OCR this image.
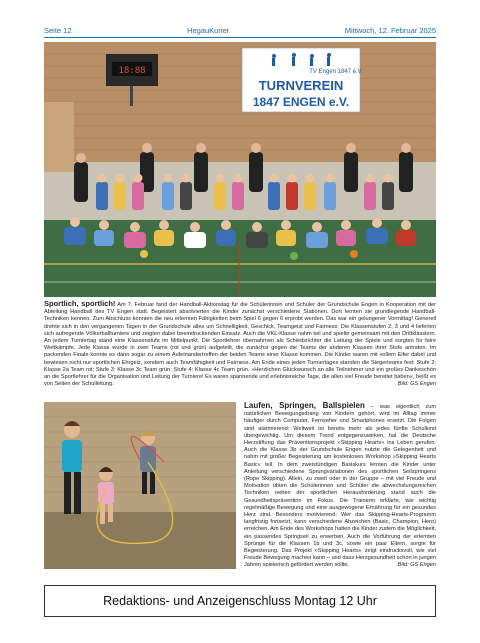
Seite 12	HegauKurier	Mittwoch, 12. Februar 2025
18:88	TV Engen 1847 e.V.
TURNVEREIN
1847 ENGEN e.V.
Sportlich, sportlich! Am 7. Februar fand der Handball-Aktionstag für die Schülerinnen und Schüler der Grundschule Engen in Kooperation mit der Abteilung Handball des TV Engen statt. Begeistert absolvierten die Kinder zunächst verschiedene Stationen. Dort lernten sie grundlegende Handball-Techniken kennen. Zum Abschluss konnten die neu erlernten Fähigkeiten beim Spiel 6 gegen 6 erprobt werden. Das war ein gelungener Vormittag! Generell drehte sich in den vergangenen Tagen in der Grundschule alles um Schnelligkeit, Geschick, Teamgeist und Fairness: Die Klassenstufen 2, 3 und 4 lieferten sich aufregende Völkerballturniere und zeigten dabei beeindruckenden Einsatz. Auch die VKL-Klasse nahm teil und spielte gemeinsam mit den Drittklässlern. An jedem Turniertag stand eine Klassenstufe im Mittelpunkt. Die Sportlehrer übernahmen als Schiedsrichter die Leitung der Spiele und sorgten für faire Wettkämpfe. Jede Klasse wurde in zwei Teams (rot und grün) aufgeteilt, die zunächst gegen die Teams der anderen Klassen ihrer Stufe antraten. Im packenden Finale konnte es dann sogar zu einem Aufeinandertreffen der beiden Teams einer Klasse kommen. Die Kinder waren mit vollem Eifer dabei und bewiesen nicht nur sportlichen Ehrgeiz, sondern auch Teamfähigkeit und Fairness. Am Ende eines jeden Turniertages standen die Siegerteams fest: Stufe 2: Klasse 2a Team rot; Stufe 3: Klasse 3c Team grün; Stufe 4: Klasse 4c Team grün. »Herzlichen Glückwunsch an alle Teilnehmer und ein großes Dankeschön an die Sportlehrer für die Organisation und Leitung der Turniere! Es waren spannende und erlebnisreiche Tage, die allen viel Freude bereitet haben«, heißt es von Seiten der Schulleitung.	Bild: GS Engen
Laufen, Springen, Ballspielen – was eigentlich zum natürlichen Bewegungsdrang von Kindern gehört, wird im Alltag immer häufiger durch Computer, Fernseher und Smartphones ersetzt. Die Folgen sind alarmierend: Weltweit ist bereits mehr als jedes fünfte Schulkind übergewichtig. Um diesem Trend entgegenzuwirken, hat die Deutsche Herzstiftung das Präventionsprojekt »Skipping Hearts« ins Leben gerufen. Auch die Klasse 3b der Grundschule Engen nutzte die Gelegenheit und nahm mit großer Begeisterung am kostenlosen Workshop »Skipping Hearts Basic« teil. In dem zweistündigen Basiskurs lernten die Kinder unter Anleitung verschiedene Sprungvariationen des sportlichen Seilspringens (Rope Skipping). Allein, zu zweit oder in der Gruppe – mit viel Freude und Motivation übten die Schülerinnen und Schüler die abwechslungsreichen Techniken neben der sportlichen Herausforderung stand auch die Gesundheitsprävention im Fokus. Die Trainerin erklärte, wie wichtig regelmäßige Bewegung und eine ausgewogene Ernährung für ein gesundes Herz sind. Besonders motivierend: Wer das Skipping-Hearts-Programm langfristig fortsetzt, kann verschiedene Abzeichen (Basic, Champion, Hero) erreichen. Am Ende des Workshops hatten die Kinder zudem die Möglichkeit, ein passendes Springseil zu erwerben. Auch die Vorführung der erlernten Sprünge für die Klassen 1b und 3c, sowie ein paar Eltern, sorgte für Begeisterung. Das Projekt »Skipping Hearts« zeigt eindrucksvoll, wie viel Freude Bewegung machen kann – und dass Herzgesundheit schon in jungen Jahren spielerisch gefördert werden sollte.	Bild: GS Engen
Redaktions- und Anzeigenschluss Montag 12 Uhr
